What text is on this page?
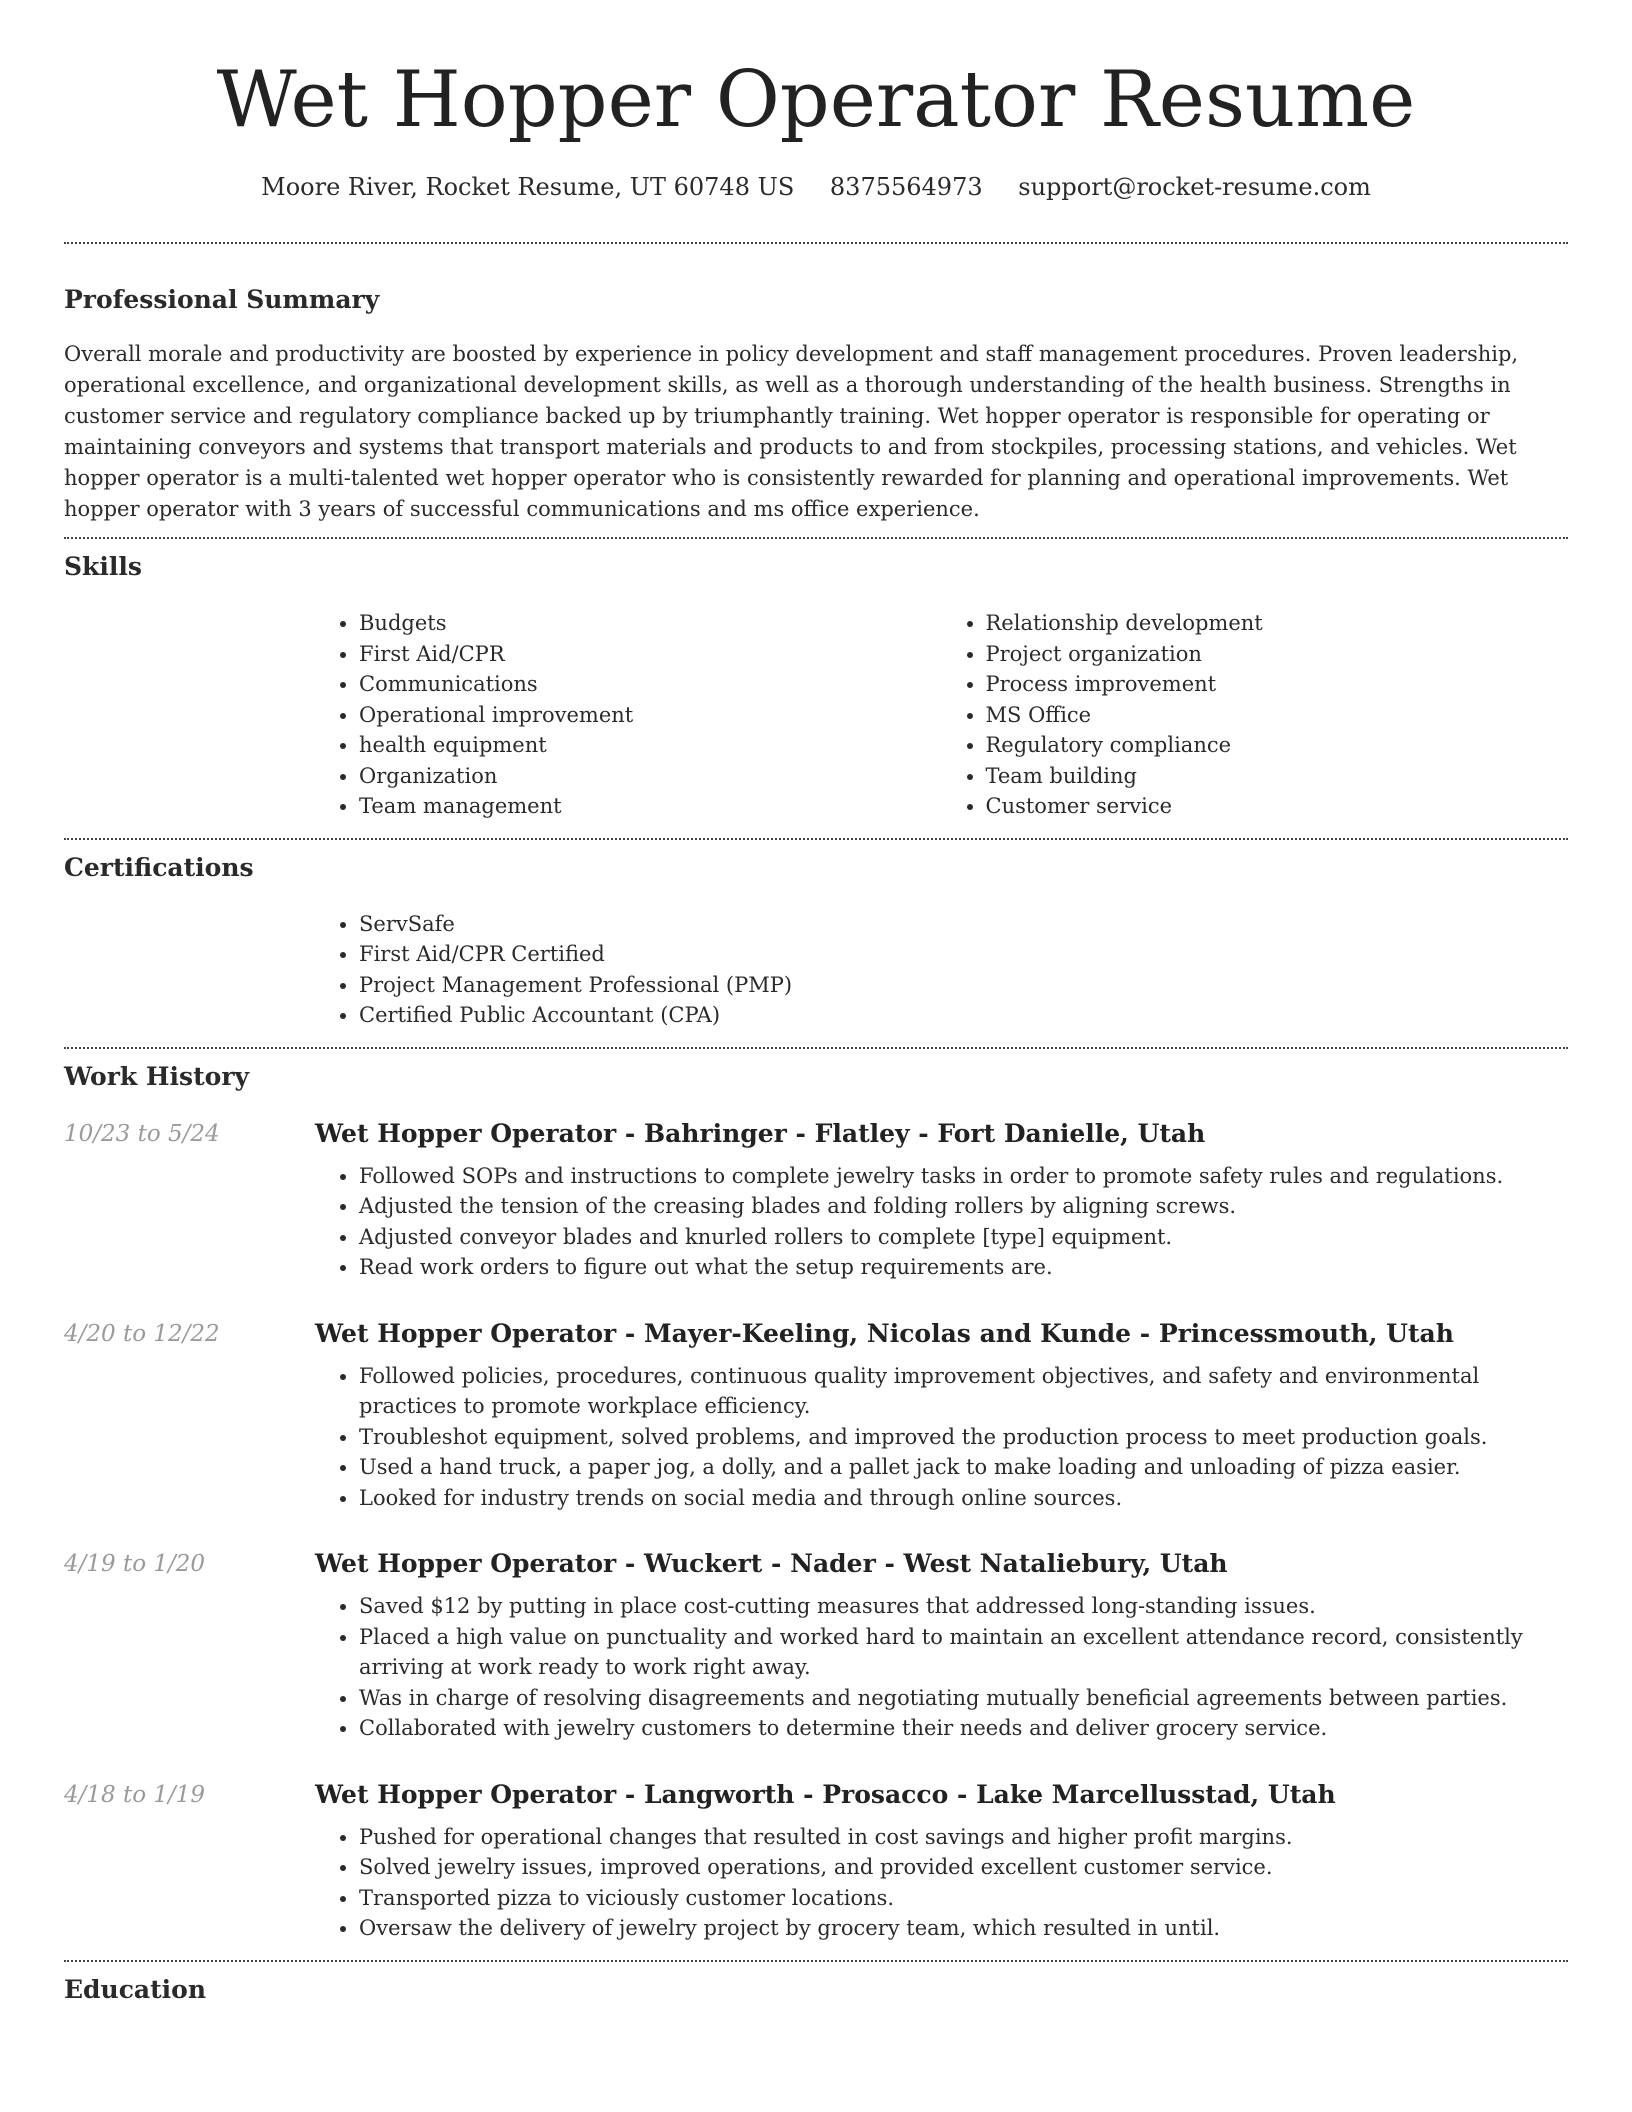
Wet Hopper Operator Resume
Moore River, Rocket Resume, UT 60748 US 8375564973 support@rocket-resume.com
Professional Summary

Overall morale and productivity are boosted by experience in policy development and staff management procedures. Proven leadership, operational excellence, and organizational development skills, as well as a thorough understanding of the health business. Strengths in customer service and regulatory compliance backed up by triumphantly training. Wet hopper operator is responsible for operating or maintaining conveyors and systems that transport materials and products to and from stockpiles, processing stations, and vehicles. Wet hopper operator is a multi-talented wet hopper operator who is consistently rewarded for planning and operational improvements. Wet hopper operator with 3 years of successful communications and ms office experience.

Skills
• Budgets
• First Aid/CPR
• Communications
• Operational improvement
• health equipment
• Organization
• Team management
• Relationship development
• Project organization
• Process improvement
• MS Office
• Regulatory compliance
• Team building
• Customer service
Certifications
• ServSafe
• First Aid/CPR Certified
• Project Management Professional (PMP)
• Certified Public Accountant (CPA)
Work History
10/23 to 5/24	Wet Hopper Operator - Bahringer - Flatley - Fort Danielle, Utah
• Followed SOPs and instructions to complete jewelry tasks in order to promote safety rules and regulations.
• Adjusted the tension of the creasing blades and folding rollers by aligning screws.
• Adjusted conveyor blades and knurled rollers to complete [type] equipment.
• Read work orders to figure out what the setup requirements are.
4/20 to 12/22	Wet Hopper Operator - Mayer-Keeling, Nicolas and Kunde - Princessmouth, Utah
• Followed policies, procedures, continuous quality improvement objectives, and safety and environmental practices to promote workplace efficiency.
• Troubleshot equipment, solved problems, and improved the production process to meet production goals.
• Used a hand truck, a paper jog, a dolly, and a pallet jack to make loading and unloading of pizza easier.
• Looked for industry trends on social media and through online sources.
4/19 to 1/20	Wet Hopper Operator - Wuckert - Nader - West Nataliebury, Utah
• Saved $12 by putting in place cost-cutting measures that addressed long-standing issues.
• Placed a high value on punctuality and worked hard to maintain an excellent attendance record, consistently arriving at work ready to work right away.
• Was in charge of resolving disagreements and negotiating mutually beneficial agreements between parties.
• Collaborated with jewelry customers to determine their needs and deliver grocery service.
4/18 to 1/19	Wet Hopper Operator - Langworth - Prosacco - Lake Marcellusstad, Utah
• Pushed for operational changes that resulted in cost savings and higher profit margins.
• Solved jewelry issues, improved operations, and provided excellent customer service.
• Transported pizza to viciously customer locations.
• Oversaw the delivery of jewelry project by grocery team, which resulted in until.
Education
